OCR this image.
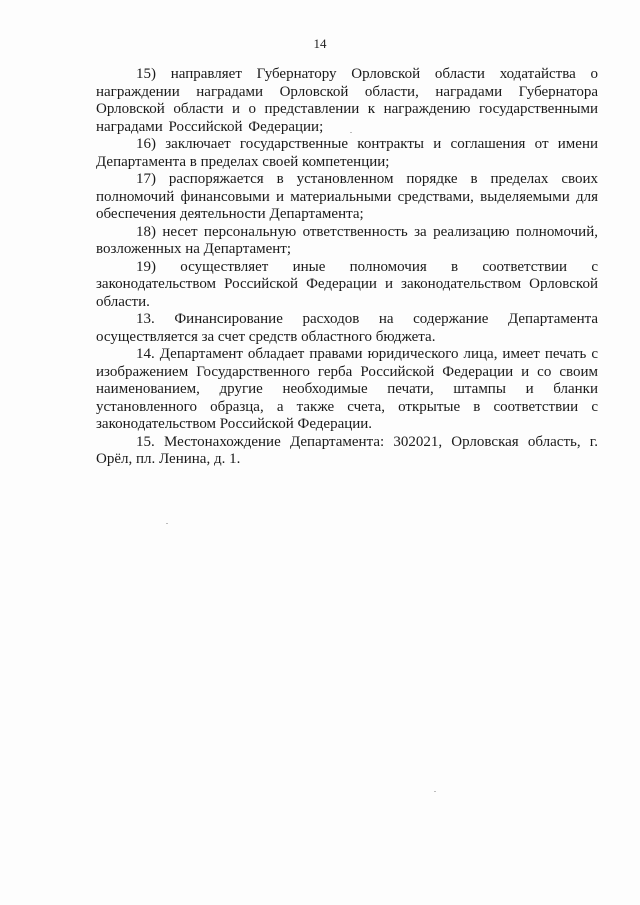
14

15) направляет Губернатору Орловской области ходатайства о награждении наградами Орловской области, наградами Губернатора Орловской области и о представлении к награждению государственными наградами Российской Федерации;

16) заключает государственные контракты и соглашения от имени Департамента в пределах своей компетенции;

17) распоряжается в установленном порядке в пределах своих полномочий финансовыми и материальными средствами, выделяемыми для обеспечения деятельности Департамента;

18) несет персональную ответственность за реализацию полномочий, возложенных на Департамент;

19) осуществляет иные полномочия в соответствии с законодательством Российской Федерации и законодательством Орловской области.

13. Финансирование расходов на содержание Департамента осуществляется за счет средств областного бюджета.

14. Департамент обладает правами юридического лица, имеет печать с изображением Государственного герба Российской Федерации и со своим наименованием, другие необходимые печати, штампы и бланки установленного образца, а также счета, открытые в соответствии с законодательством Российской Федерации.

15. Местонахождение Департамента: 302021, Орловская область, г. Орёл, пл. Ленина, д. 1.
